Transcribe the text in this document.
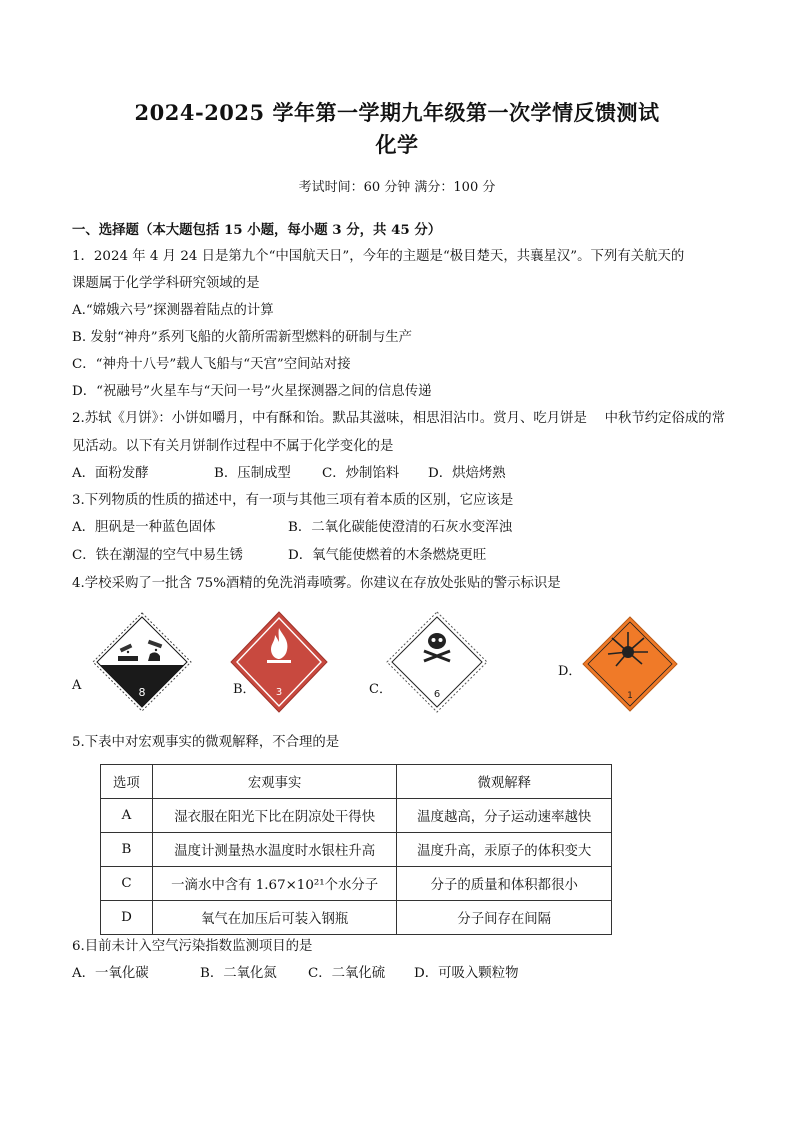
2024-2025 学年第一学期九年级第一次学情反馈测试
化学
考试时间：60 分钟 满分：100 分
一、选择题（本大题包括 15 小题，每小题 3 分，共 45 分）
1．2024 年 4 月 24 日是第九个“中国航天日”，今年的主题是“极目楚天，共襄星汉”。下列有关航天的
课题属于化学学科研究领域的是
A.“嫦娥六号”探测器着陆点的计算
B. 发射“神舟”系列飞船的火箭所需新型燃料的研制与生产
C．“神舟十八号”载人飞船与“天宫”空间站对接
D．“祝融号”火星车与“天问一号”火星探测器之间的信息传递
2.苏轼《月饼》：小饼如嚼月，中有酥和饴。默品其滋味，相思泪沾巾。赏月、吃月饼是　 中秋节约定俗成的常
见活动。以下有关月饼制作过程中不属于化学变化的是
A．面粉发酵	B．压制成型 C．炒制馅料 D．烘焙烤熟
3.下列物质的性质的描述中，有一项与其他三项有着本质的区别，它应该是
A．胆矾是一种蓝色固体	B．二氧化碳能使澄清的石灰水变浑浊
C．铁在潮湿的空气中易生锈	D．氧气能使燃着的木条燃烧更旺
4.学校采购了一批含 75%酒精的免洗消毒喷雾。你建议在存放处张贴的警示标识是
A	8	B． 3	C．	6
D．
1
5.下表中对宏观事实的微观解释，不合理的是
选项	宏观事实	微观解释
A	湿衣服在阳光下比在阴凉处干得快	温度越高，分子运动速率越快
B	温度计测量热水温度时水银柱升高	温度升高，汞原子的体积变大
C	一滴水中含有 1.67×10²¹个水分子	分子的质量和体积都很小
D	氧气在加压后可装入钢瓶	分子间存在间隔
6.目前未计入空气污染指数监测项目的是
A．一氧化碳	B．二氧化氮 C．二氧化硫 D．可吸入颗粒物
